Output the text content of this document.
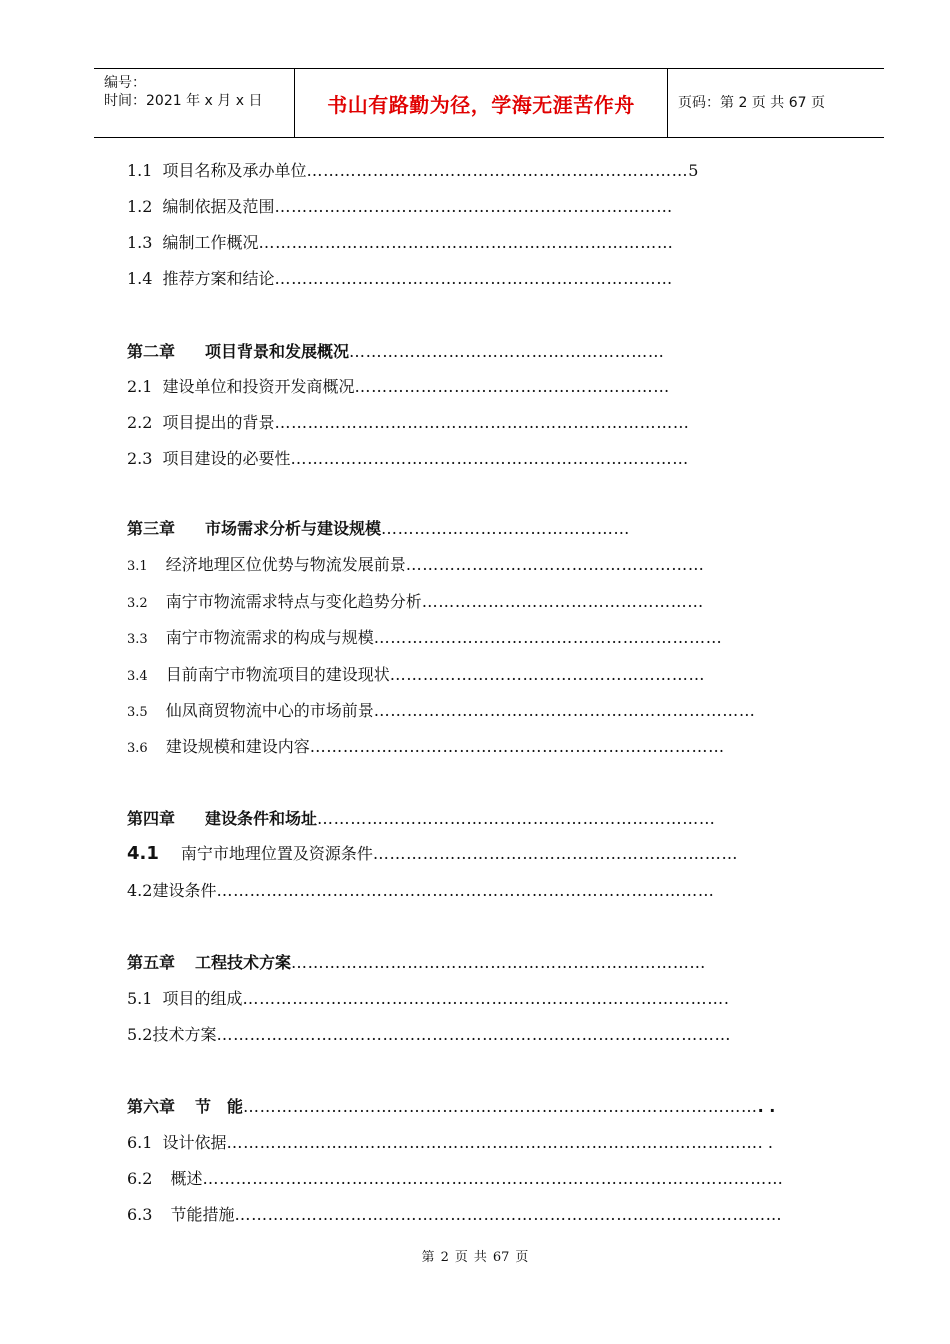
编号：
时间：2021 年 x 月 x 日	书山有路勤为径，学海无涯苦作舟	页码：第 2 页 共 67 页
1.1 项目名称及承办单位……………………………………………………………5
1.2 编制依据及范围………………………………………………………………
1.3 编制工作概况…………………………………………………………………
1.4 推荐方案和结论………………………………………………………………
第二章 项目背景和发展概况…………………………………………………
2.1 建设单位和投资开发商概况…………………………………………………
2.2 项目提出的背景…………………………………………………………………
2.3 项目建设的必要性………………………………………………………………
第三章 市场需求分析与建设规模………………………………………
3.1 经济地理区位优势与物流发展前景………………………………………………
3.2 南宁市物流需求特点与变化趋势分析……………………………………………
3.3 南宁市物流需求的构成与规模………………………………………………………
3.4 目前南宁市物流项目的建设现状…………………………………………………
3.5 仙凤商贸物流中心的市场前景……………………………………………………………
3.6 建设规模和建设内容…………………………………………………………………
第四章 建设条件和场址………………………………………………………………
4.1 南宁市地理位置及资源条件…………………………………………………………
4.2建设条件………………………………………………………………………………
第五章 工程技术方案…………………………………………………………………
5.1 项目的组成…………………………………………………………………………….
5.2技术方案…………………………………………………………………………………
第六章 节　能…………………………………………………………………………………. .
6.1 设计依据……………………………………………………………………………………. .
6.2 概述……………………………………………………………………………………………
6.3 节能措施………………………………………………………………………………………
第 2 页 共 67 页
